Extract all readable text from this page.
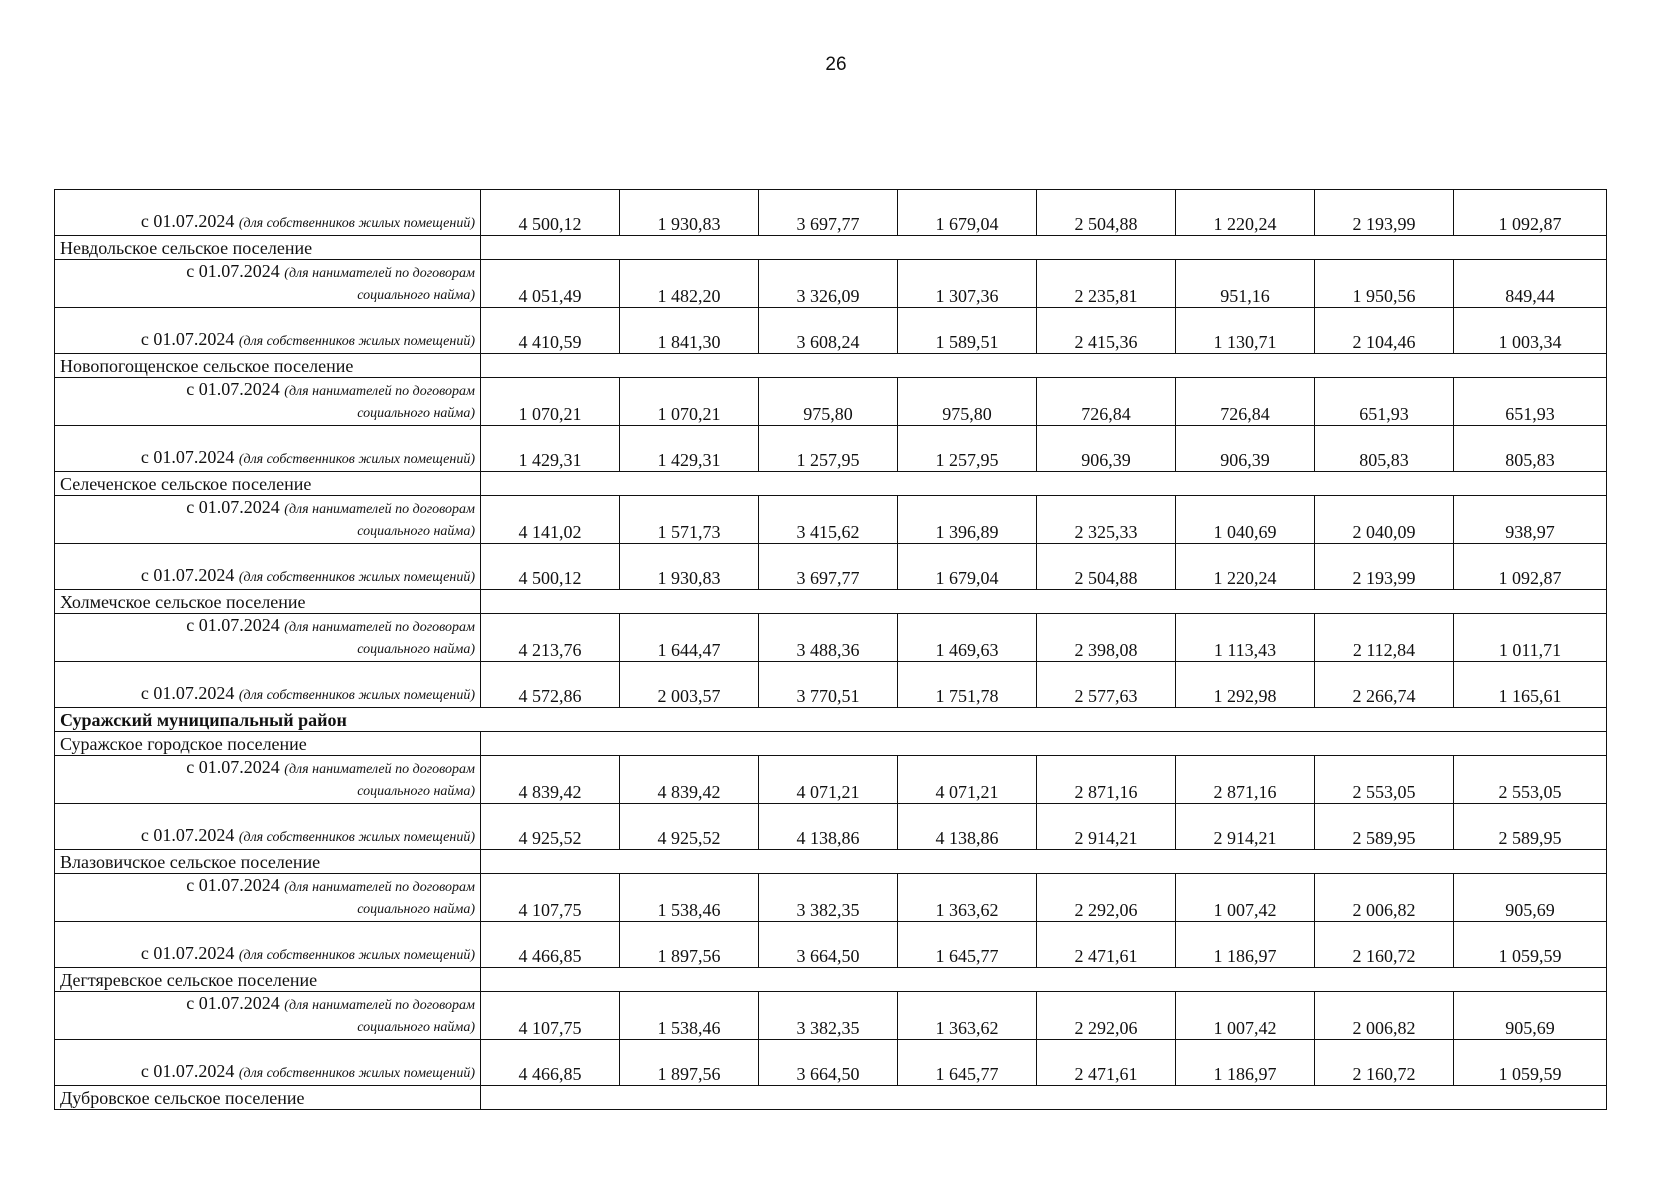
26
с 01.07.2024 (для собственников жилых помещений)	4 500,12	1 930,83	3 697,77	1 679,04	2 504,88	1 220,24	2 193,99	1 092,87
Невдольское сельское поселение								
с 01.07.2024 (для нанимателей по договорам
социального найма)	4 051,49	1 482,20	3 326,09	1 307,36	2 235,81	951,16	1 950,56	849,44
с 01.07.2024 (для собственников жилых помещений)	4 410,59	1 841,30	3 608,24	1 589,51	2 415,36	1 130,71	2 104,46	1 003,34
Новопогощенское сельское поселение								
с 01.07.2024 (для нанимателей по договорам
социального найма)	1 070,21	1 070,21	975,80	975,80	726,84	726,84	651,93	651,93
с 01.07.2024 (для собственников жилых помещений)	1 429,31	1 429,31	1 257,95	1 257,95	906,39	906,39	805,83	805,83
Селеченское сельское поселение								
с 01.07.2024 (для нанимателей по договорам
социального найма)	4 141,02	1 571,73	3 415,62	1 396,89	2 325,33	1 040,69	2 040,09	938,97
с 01.07.2024 (для собственников жилых помещений)	4 500,12	1 930,83	3 697,77	1 679,04	2 504,88	1 220,24	2 193,99	1 092,87
Холмечское сельское поселение								
с 01.07.2024 (для нанимателей по договорам
социального найма)	4 213,76	1 644,47	3 488,36	1 469,63	2 398,08	1 113,43	2 112,84	1 011,71
с 01.07.2024 (для собственников жилых помещений)	4 572,86	2 003,57	3 770,51	1 751,78	2 577,63	1 292,98	2 266,74	1 165,61
Суражский муниципальный район								
Суражское городское поселение								
с 01.07.2024 (для нанимателей по договорам
социального найма)	4 839,42	4 839,42	4 071,21	4 071,21	2 871,16	2 871,16	2 553,05	2 553,05
с 01.07.2024 (для собственников жилых помещений)	4 925,52	4 925,52	4 138,86	4 138,86	2 914,21	2 914,21	2 589,95	2 589,95
Влазовичское сельское поселение								
с 01.07.2024 (для нанимателей по договорам
социального найма)	4 107,75	1 538,46	3 382,35	1 363,62	2 292,06	1 007,42	2 006,82	905,69
с 01.07.2024 (для собственников жилых помещений)	4 466,85	1 897,56	3 664,50	1 645,77	2 471,61	1 186,97	2 160,72	1 059,59
Дегтяревское сельское поселение								
с 01.07.2024 (для нанимателей по договорам
социального найма)	4 107,75	1 538,46	3 382,35	1 363,62	2 292,06	1 007,42	2 006,82	905,69
с 01.07.2024 (для собственников жилых помещений)	4 466,85	1 897,56	3 664,50	1 645,77	2 471,61	1 186,97	2 160,72	1 059,59
Дубровское сельское поселение								
